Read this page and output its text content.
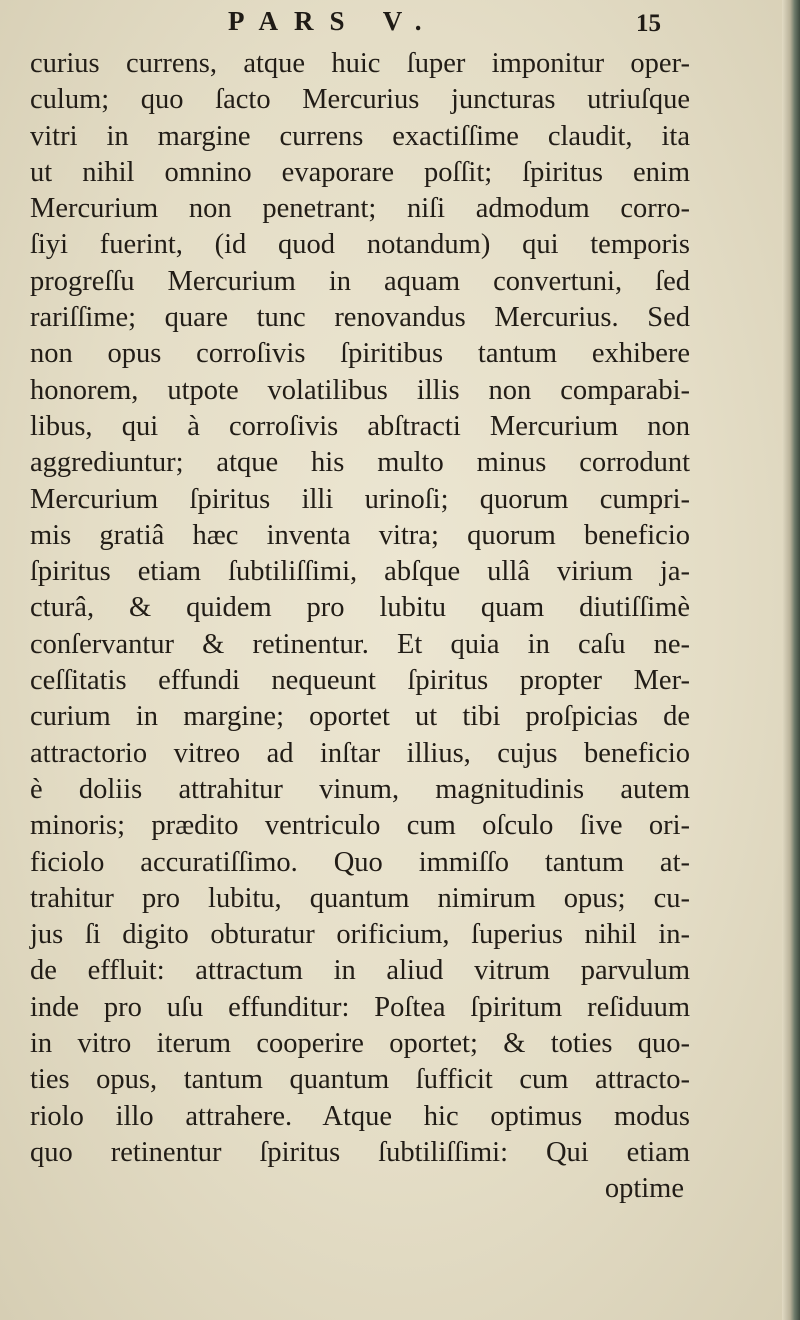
PARS V.	15
curius currens, atque huic ſuper imponitur oper-
culum; quo ſacto Mercurius juncturas utriuſque
vitri in margine currens exactiſſime claudit, ita
ut nihil omnino evaporare poſſit; ſpiritus enim
Mercurium non penetrant; niſi admodum corro-
ſiyi fuerint, (id quod notandum) qui temporis
progreſſu Mercurium in aquam convertuni, ſed
rariſſime; quare tunc renovandus Mercurius. Sed
non opus corroſivis ſpiritibus tantum exhibere
honorem, utpote volatilibus illis non comparabi-
libus, qui à corroſivis abſtracti Mercurium non
aggrediuntur; atque his multo minus corrodunt
Mercurium ſpiritus illi urinoſi; quorum cumpri-
mis gratiâ hæc inventa vitra; quorum beneficio
ſpiritus etiam ſubtiliſſimi, abſque ullâ virium ja-
cturâ, & quidem pro lubitu quam diutiſſimè
conſervantur & retinentur. Et quia in caſu ne-
ceſſitatis effundi nequeunt ſpiritus propter Mer-
curium in margine; oportet ut tibi proſpicias de
attractorio vitreo ad inſtar illius, cujus beneficio
è doliis attrahitur vinum, magnitudinis autem
minoris; prædito ventriculo cum oſculo ſive ori-
ficiolo accuratiſſimo. Quo immiſſo tantum at-
trahitur pro lubitu, quantum nimirum opus; cu-
jus ſi digito obturatur orificium, ſuperius nihil in-
de effluit: attractum in aliud vitrum parvulum
inde pro uſu effunditur: Poſtea ſpiritum reſiduum
in vitro iterum cooperire oportet; & toties quo-
ties opus, tantum quantum ſufficit cum attracto-
riolo illo attrahere. Atque hic optimus modus
quo retinentur ſpiritus ſubtiliſſimi: Qui etiam
optime
